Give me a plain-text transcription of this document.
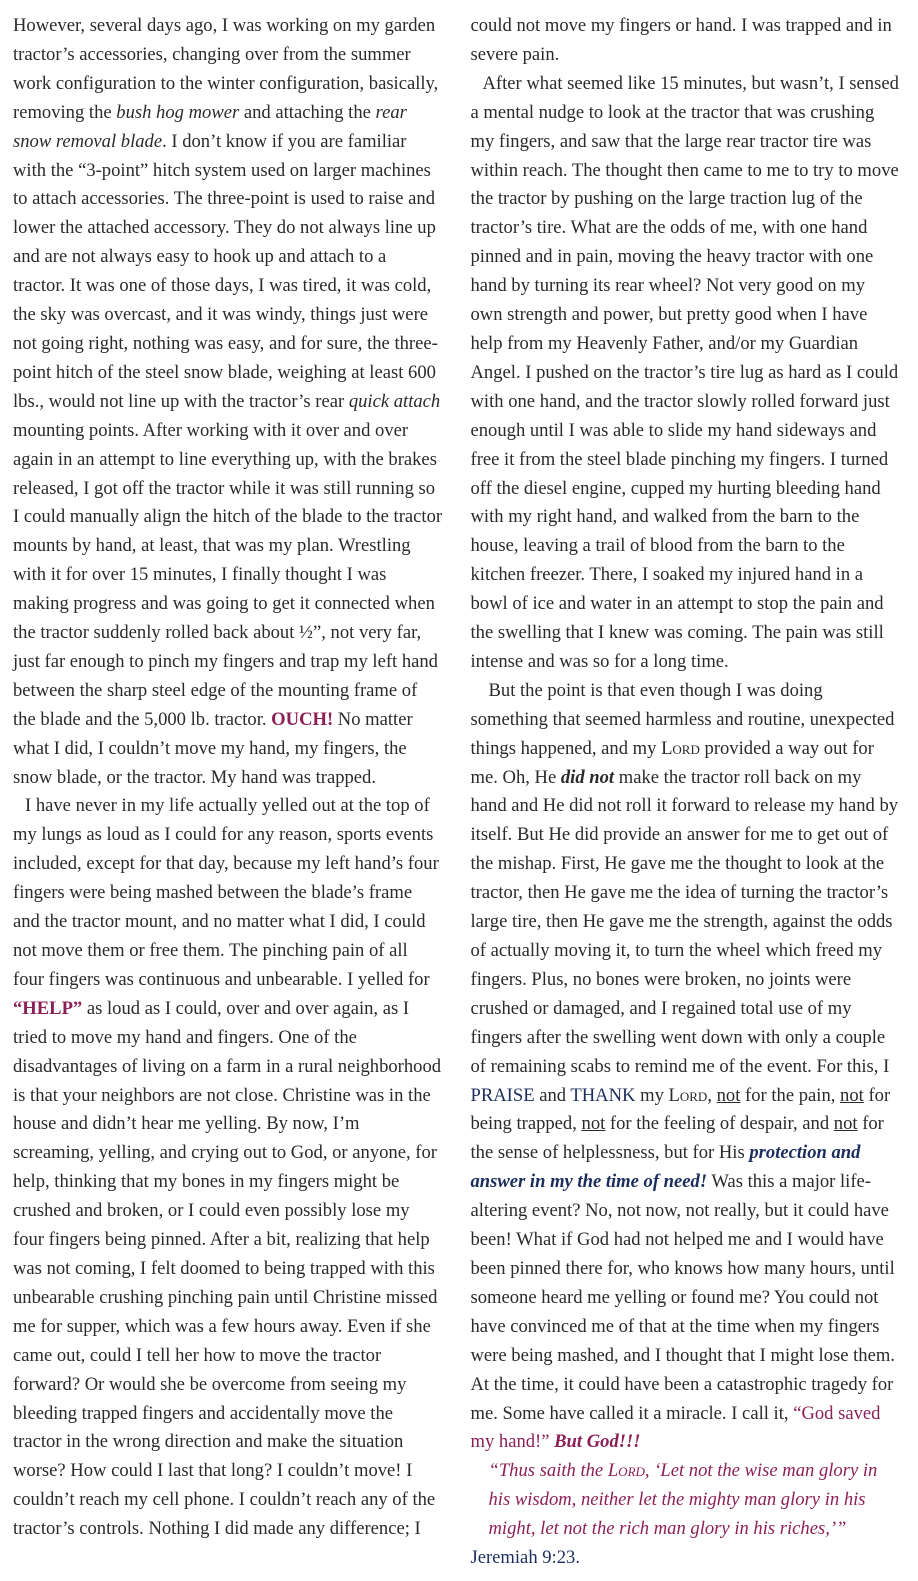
However, several days ago, I was working on my garden tractor’s accessories, changing over from the summer work configuration to the winter configuration, basically, removing the bush hog mower and attaching the rear snow removal blade. I don’t know if you are familiar with the “3-point” hitch system used on larger machines to attach accessories. The three-point is used to raise and lower the attached accessory. They do not always line up and are not always easy to hook up and attach to a tractor. It was one of those days, I was tired, it was cold, the sky was overcast, and it was windy, things just were not going right, nothing was easy, and for sure, the three-point hitch of the steel snow blade, weighing at least 600 lbs., would not line up with the tractor’s rear quick attach mounting points. After working with it over and over again in an attempt to line everything up, with the brakes released, I got off the tractor while it was still running so I could manually align the hitch of the blade to the tractor mounts by hand, at least, that was my plan. Wrestling with it for over 15 minutes, I finally thought I was making progress and was going to get it connected when the tractor suddenly rolled back about ½”, not very far, just far enough to pinch my fingers and trap my left hand between the sharp steel edge of the mounting frame of the blade and the 5,000 lb. tractor. OUCH! No matter what I did, I couldn’t move my hand, my fingers, the snow blade, or the tractor. My hand was trapped.

I have never in my life actually yelled out at the top of my lungs as loud as I could for any reason, sports events included, except for that day, because my left hand’s four fingers were being mashed between the blade’s frame and the tractor mount, and no matter what I did, I could not move them or free them. The pinching pain of all four fingers was continuous and unbearable. I yelled for “HELP” as loud as I could, over and over again, as I tried to move my hand and fingers. One of the disadvantages of living on a farm in a rural neighborhood is that your neighbors are not close. Christine was in the house and didn’t hear me yelling. By now, I’m screaming, yelling, and crying out to God, or anyone, for help, thinking that my bones in my fingers might be crushed and broken, or I could even possibly lose my four fingers being pinned. After a bit, realizing that help was not coming, I felt doomed to being trapped with this unbearable crushing pinching pain until Christine missed me for supper, which was a few hours away. Even if she came out, could I tell her how to move the tractor forward? Or would she be overcome from seeing my bleeding trapped fingers and accidentally move the tractor in the wrong direction and make the situation worse? How could I last that long? I couldn’t move! I couldn’t reach my cell phone. I couldn’t reach any of the tractor’s controls. Nothing I did made any difference; I

could not move my fingers or hand. I was trapped and in severe pain.

After what seemed like 15 minutes, but wasn’t, I sensed a mental nudge to look at the tractor that was crushing my fingers, and saw that the large rear tractor tire was within reach. The thought then came to me to try to move the tractor by pushing on the large traction lug of the tractor’s tire. What are the odds of me, with one hand pinned and in pain, moving the heavy tractor with one hand by turning its rear wheel? Not very good on my own strength and power, but pretty good when I have help from my Heavenly Father, and/or my Guardian Angel. I pushed on the tractor’s tire lug as hard as I could with one hand, and the tractor slowly rolled forward just enough until I was able to slide my hand sideways and free it from the steel blade pinching my fingers. I turned off the diesel engine, cupped my hurting bleeding hand with my right hand, and walked from the barn to the house, leaving a trail of blood from the barn to the kitchen freezer. There, I soaked my injured hand in a bowl of ice and water in an attempt to stop the pain and the swelling that I knew was coming. The pain was still intense and was so for a long time.

But the point is that even though I was doing something that seemed harmless and routine, unexpected things happened, and my Lord provided a way out for me. Oh, He did not make the tractor roll back on my hand and He did not roll it forward to release my hand by itself. But He did provide an answer for me to get out of the mishap. First, He gave me the thought to look at the tractor, then He gave me the idea of turning the tractor’s large tire, then He gave me the strength, against the odds of actually moving it, to turn the wheel which freed my fingers. Plus, no bones were broken, no joints were crushed or damaged, and I regained total use of my fingers after the swelling went down with only a couple of remaining scabs to remind me of the event. For this, I PRAISE and THANK my Lord, not for the pain, not for being trapped, not for the feeling of despair, and not for the sense of helplessness, but for His protection and answer in my the time of need! Was this a major life-altering event? No, not now, not really, but it could have been! What if God had not helped me and I would have been pinned there for, who knows how many hours, until someone heard me yelling or found me? You could not have convinced me of that at the time when my fingers were being mashed, and I thought that I might lose them. At the time, it could have been a catastrophic tragedy for me. Some have called it a miracle. I call it, “God saved my hand!” But God!!!

“Thus saith the Lord, ‘Let not the wise man glory in his wisdom, neither let the mighty man glory in his might, let not the rich man glory in his riches,’”

Jeremiah 9:23.
